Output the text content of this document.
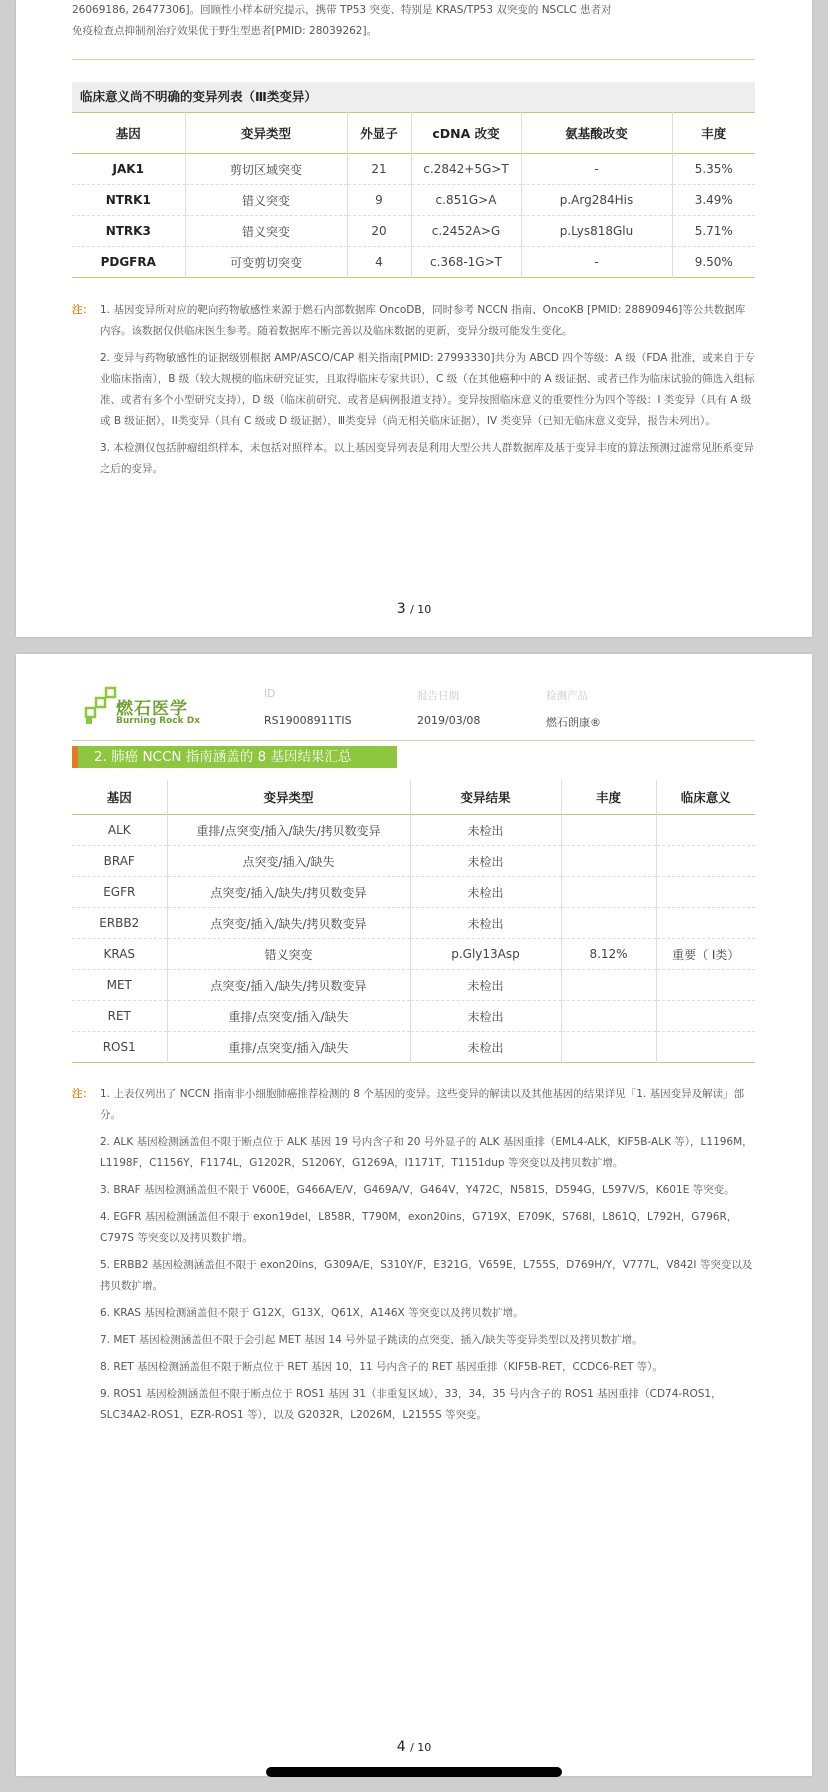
26069186, 26477306]。回顾性小样本研究提示，携带 TP53 突变、特别是 KRAS/TP53 双突变的 NSCLC 患者对
免疫检查点抑制剂治疗效果优于野生型患者[PMID: 28039262]。
临床意义尚不明确的变异列表（Ⅲ类变异）
基因	变异类型	外显子	cDNA 改变	氨基酸改变	丰度
JAK1	剪切区域突变	21	c.2842+5G>T	-	5.35%
NTRK1	错义突变	9	c.851G>A	p.Arg284His	3.49%
NTRK3	错义突变	20	c.2452A>G	p.Lys818Glu	5.71%
PDGFRA	可变剪切突变	4	c.368-1G>T	-	9.50%
注： 1. 基因变异所对应的靶向药物敏感性来源于燃石内部数据库 OncoDB，同时参考 NCCN 指南、OncoKB [PMID: 28890946]等公共数据库内容。该数据仅供临床医生参考。随着数据库不断完善以及临床数据的更新，变异分级可能发生变化。
2. 变异与药物敏感性的证据级别根据 AMP/ASCO/CAP 相关指南[PMID: 27993330]共分为 ABCD 四个等级：A 级（FDA 批准，或来自于专业临床指南），B 级（较大规模的临床研究证实，且取得临床专家共识），C 级（在其他癌种中的 A 级证据、或者已作为临床试验的筛选入组标准、或者有多个小型研究支持），D 级（临床前研究、或者是病例报道支持）。变异按照临床意义的重要性分为四个等级：I 类变异（具有 A 级或 B 级证据），II类变异（具有 C 级或 D 级证据），Ⅲ类变异（尚无相关临床证据），IV 类变异（已知无临床意义变异，报告未列出）。
3. 本检测仅包括肿瘤组织样本，未包括对照样本。以上基因变异列表是利用大型公共人群数据库及基于变异丰度的算法预测过滤常见胚系变异之后的变异。
3 / 10
燃石医学
Burning Rock Dx
ID
RS19008911TIS
报告日期
2019/03/08
检测产品
燃石朗康®
2. 肺癌 NCCN 指南涵盖的 8 基因结果汇总
基因	变异类型	变异结果	丰度	临床意义
ALK	重排/点突变/插入/缺失/拷贝数变异	未检出		
BRAF	点突变/插入/缺失	未检出		
EGFR	点突变/插入/缺失/拷贝数变异	未检出		
ERBB2	点突变/插入/缺失/拷贝数变异	未检出		
KRAS	错义突变	p.Gly13Asp	8.12%	重要（ Ⅰ类）
MET	点突变/插入/缺失/拷贝数变异	未检出		
RET	重排/点突变/插入/缺失	未检出		
ROS1	重排/点突变/插入/缺失	未检出		
注： 1. 上表仅列出了 NCCN 指南非小细胞肺癌推荐检测的 8 个基因的变异。这些变异的解读以及其他基因的结果详见「1. 基因变异及解读」部分。
2. ALK 基因检测涵盖但不限于断点位于 ALK 基因 19 号内含子和 20 号外显子的 ALK 基因重排（EML4-ALK，KIF5B-ALK 等），L1196M，L1198F，C1156Y，F1174L，G1202R，S1206Y，G1269A，I1171T，T1151dup 等突变以及拷贝数扩增。
3. BRAF 基因检测涵盖但不限于 V600E，G466A/E/V，G469A/V，G464V，Y472C，N581S，D594G，L597V/S，K601E 等突变。
4. EGFR 基因检测涵盖但不限于 exon19del，L858R，T790M，exon20ins，G719X，E709K，S768I，L861Q，L792H，G796R，C797S 等突变以及拷贝数扩增。
5. ERBB2 基因检测涵盖但不限于 exon20ins，G309A/E，S310Y/F，E321G，V659E，L755S，D769H/Y，V777L，V842I 等突变以及拷贝数扩增。
6. KRAS 基因检测涵盖但不限于 G12X，G13X，Q61X，A146X 等突变以及拷贝数扩增。
7. MET 基因检测涵盖但不限于会引起 MET 基因 14 号外显子跳读的点突变、插入/缺失等变异类型以及拷贝数扩增。
8. RET 基因检测涵盖但不限于断点位于 RET 基因 10，11 号内含子的 RET 基因重排（KIF5B-RET，CCDC6-RET 等）。
9. ROS1 基因检测涵盖但不限于断点位于 ROS1 基因 31（非重复区域），33，34，35 号内含子的 ROS1 基因重排（CD74-ROS1，SLC34A2-ROS1，EZR-ROS1 等），以及 G2032R，L2026M，L2155S 等突变。
4 / 10
